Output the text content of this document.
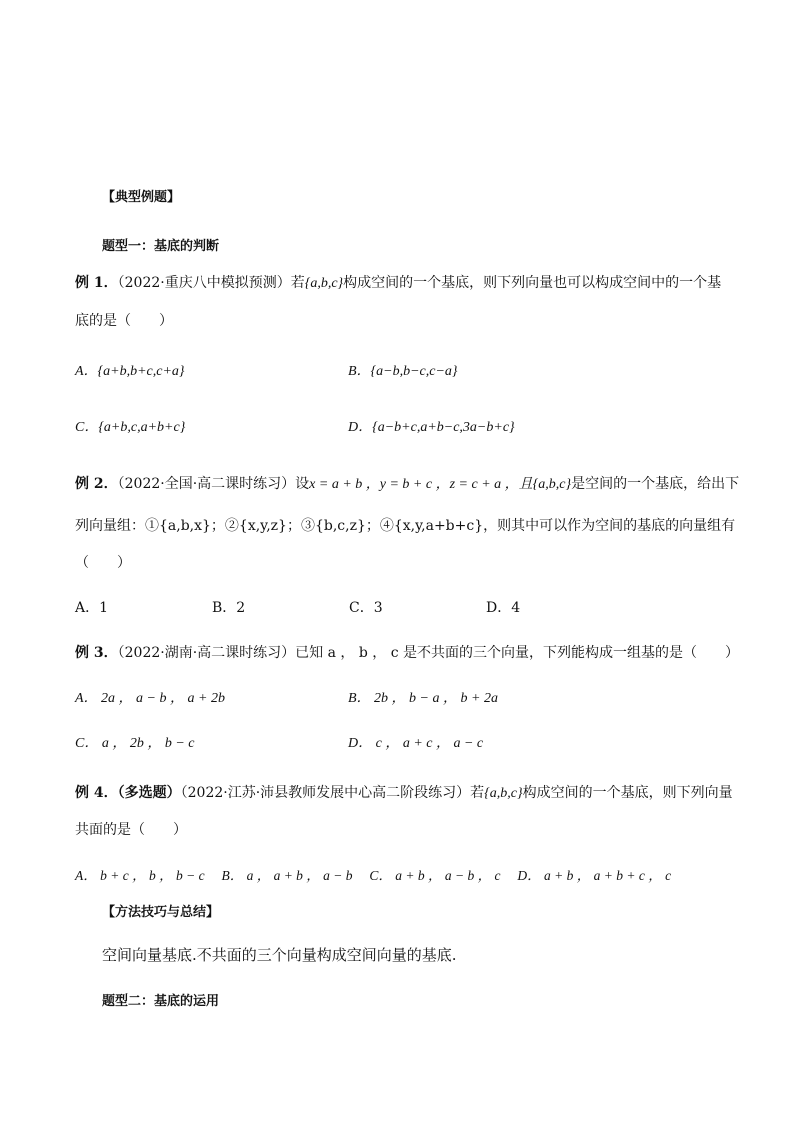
【典型例题】
题型一：基底的判断
例 1．（2022·重庆八中模拟预测）若{a,b,c}构成空间的一个基底，则下列向量也可以构成空间中的一个基
底的是（　　）
A．{a+b,b+c,c+a}	B．{a−b,b−c,c−a}
C．{a+b,c,a+b+c}	D．{a−b+c,a+b−c,3a−b+c}
例 2．（2022·全国·高二课时练习）设x = a + b ，y = b + c ，z = c + a ，且{a,b,c}是空间的一个基底，给出下
列向量组：①{a,b,x}；②{x,y,z}；③{b,c,z}；④{x,y,a+b+c}，则其中可以作为空间的基底的向量组有
（　　）
A．1	B．2	C．3	D．4
例 3．（2022·湖南·高二课时练习）已知 a ， b ， c 是不共面的三个向量，下列能构成一组基的是（　　）
A． 2a ， a − b ， a + 2b	B． 2b ， b − a ， b + 2a
C． a ， 2b ， b − c	D． c ， a + c ， a − c
例 4．（多选题）（2022·江苏·沛县教师发展中心高二阶段练习）若{a,b,c}构成空间的一个基底，则下列向量
共面的是（　　）
A． b + c ， b ， b − c　 B． a ， a + b ， a − b　 C． a + b ， a − b ， c　 D． a + b ， a + b + c ， c
【方法技巧与总结】
空间向量基底.不共面的三个向量构成空间向量的基底.
题型二：基底的运用
